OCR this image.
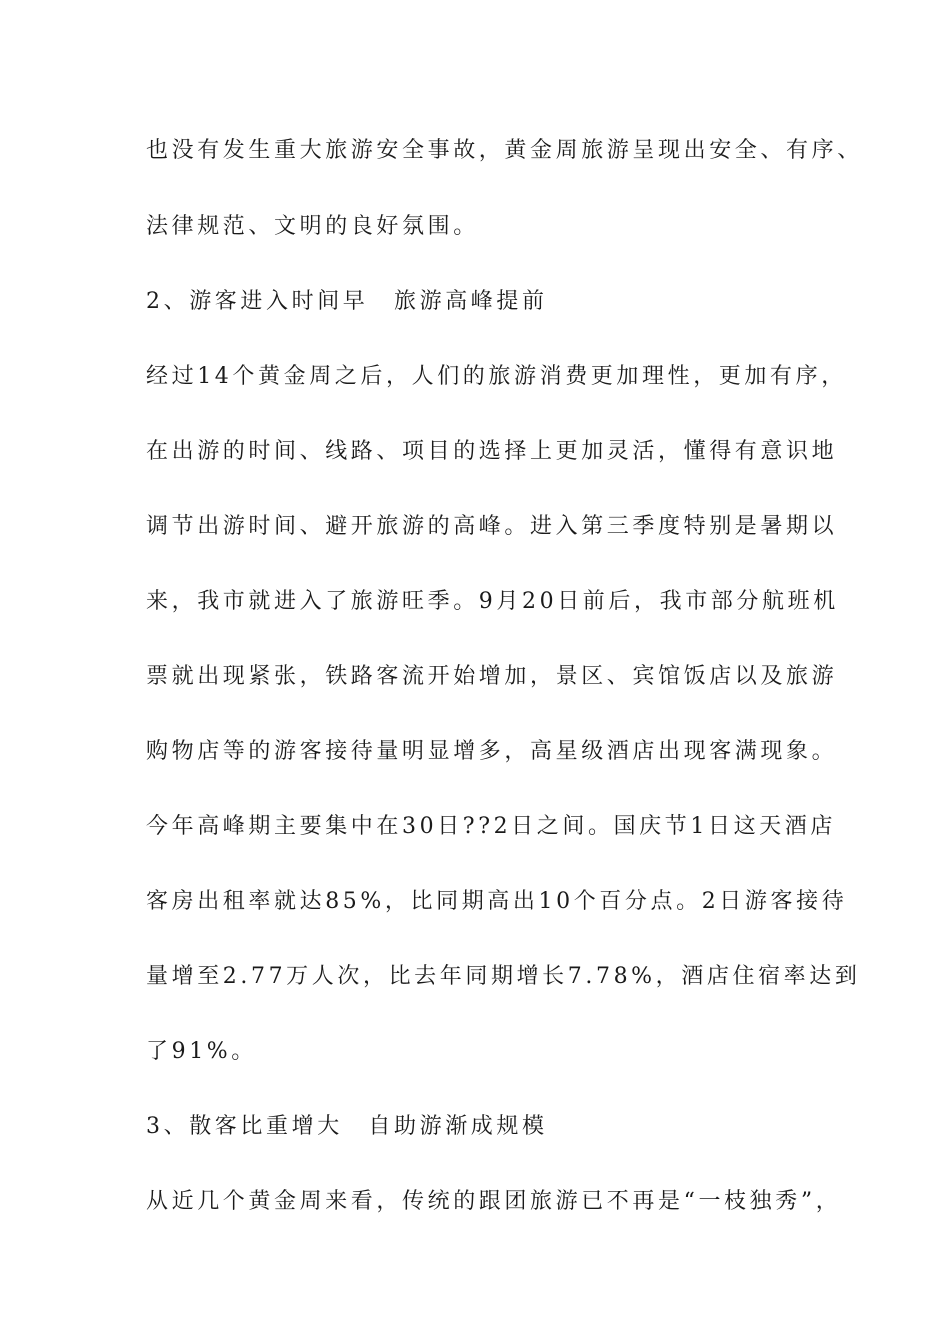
也没有发生重大旅游安全事故，黄金周旅游呈现出安全、有序、
法律规范、文明的良好氛围。
2、游客进入时间早　旅游高峰提前
经过14个黄金周之后，人们的旅游消费更加理性，更加有序，
在出游的时间、线路、项目的选择上更加灵活，懂得有意识地
调节出游时间、避开旅游的高峰。进入第三季度特别是暑期以
来，我市就进入了旅游旺季。9月20日前后，我市部分航班机
票就出现紧张，铁路客流开始增加，景区、宾馆饭店以及旅游
购物店等的游客接待量明显增多，高星级酒店出现客满现象。
今年高峰期主要集中在30日??2日之间。国庆节1日这天酒店
客房出租率就达85%，比同期高出10个百分点。2日游客接待
量增至2.77万人次，比去年同期增长7.78%，酒店住宿率达到
了91%。
3、散客比重增大　自助游渐成规模
从近几个黄金周来看，传统的跟团旅游已不再是“一枝独秀”，
